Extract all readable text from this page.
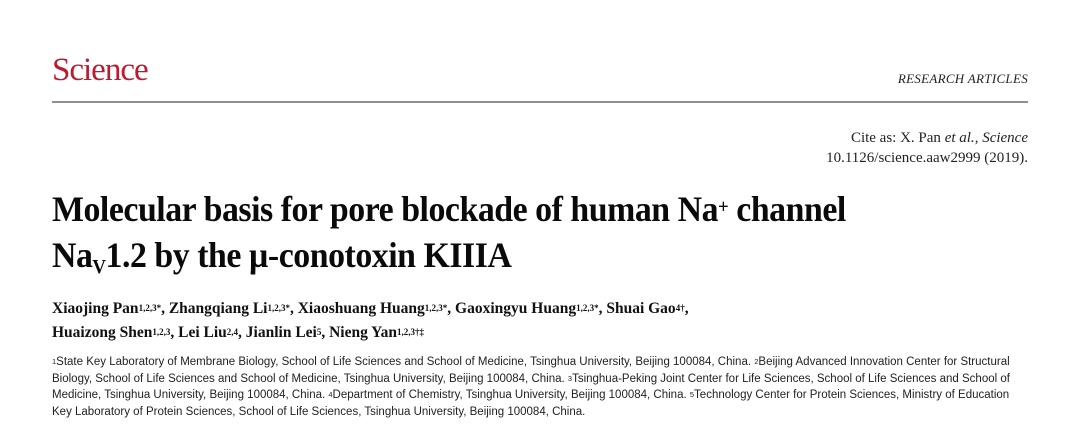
Science	RESEARCH ARTICLES
Cite as: X. Pan et al., Science
10.1126/science.aaw2999 (2019).
Molecular basis for pore blockade of human Na+ channel
$Na_V1.2$ by the µ-conotoxin KIIIA
Xiaojing Pan$^{1,2,3*}$, Zhangqiang $Li^{1,2,3*}$, Xiaoshuang Huang$^{1,2,3*}$, Gaoxingyu Huang$^{1,2,3*}$, Shuai Gao$^{4\dagger}$,
Huaizong Shen$^{1,2,3}$, Lei Liu$^{2,4}$, Jianlin Lei$^5$, Nieng Yan$^{1,2,3\dagger\ddagger}$
$^1$State Key Laboratory of Membrane Biology, School of Life Sciences and School of Medicine, Tsinghua University, Beijing 100084, China. $^2$Beijing Advanced Innovation Center for Structural Biology, School of Life Sciences and School of Medicine, Tsinghua University, Beijing 100084, China. $^3$Tsinghua-Peking Joint Center for Life Sciences, School of Life Sciences and School of Medicine, Tsinghua University, Beijing 100084, China. $^4$Department of Chemistry, Tsinghua University, Beijing 100084, China. $^5$Technology Center for Protein Sciences, Ministry of Education Key Laboratory of Protein Sciences, School of Life Sciences, Tsinghua University, Beijing 100084, China.
